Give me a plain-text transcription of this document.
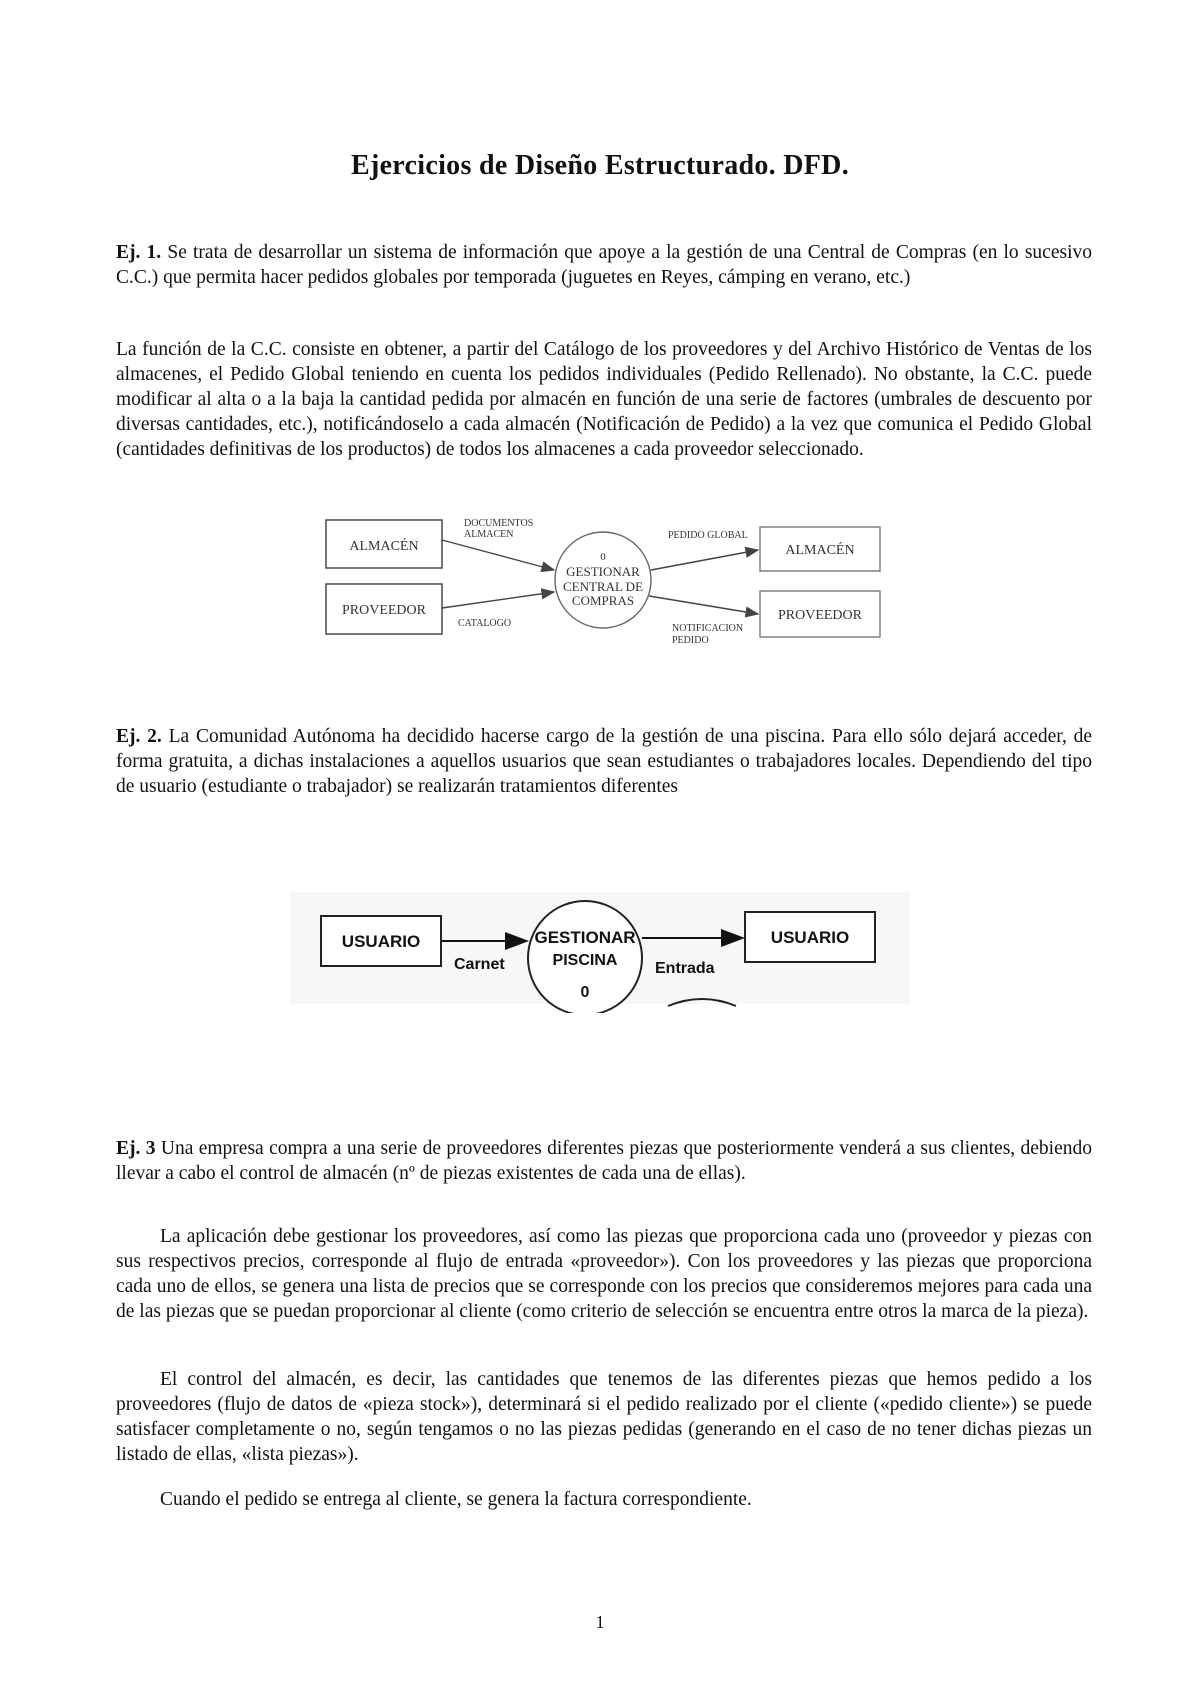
Ejercicios de Diseño Estructurado. DFD.

Ej. 1. Se trata de desarrollar un sistema de información que apoye a la gestión de una Central de Compras (en lo sucesivo C.C.) que permita hacer pedidos globales por temporada (juguetes en Reyes, cámping en verano, etc.)

La función de la C.C. consiste en obtener, a partir del Catálogo de los proveedores y del Archivo Histórico de Ventas de los almacenes, el Pedido Global teniendo en cuenta los pedidos individuales (Pedido Rellenado). No obstante, la C.C. puede modificar al alta o a la baja la cantidad pedida por almacén en función de una serie de factores (umbrales de descuento por diversas cantidades, etc.), notificándoselo a cada almacén (Notificación de Pedido) a la vez que comunica el Pedido Global (cantidades definitivas de los productos) de todos los almacenes a cada proveedor seleccionado.

ALMACÉN
PROVEEDOR
ALMACÉN
PROVEEDOR
0
GESTIONAR
CENTRAL DE
COMPRAS
DOCUMENTOS
ALMACEN
CATALOGO
PEDIDO GLOBAL
NOTIFICACION
PEDIDO

Ej. 2. La Comunidad Autónoma ha decidido hacerse cargo de la gestión de una piscina. Para ello sólo dejará acceder, de forma gratuita, a dichas instalaciones a aquellos usuarios que sean estudiantes o trabajadores locales. Dependiendo del tipo de usuario (estudiante o trabajador) se realizarán tratamientos diferentes

USUARIO	USUARIO
GESTIONAR
PISCINA
0
Carnet	Entrada

Ej. 3 Una empresa compra a una serie de proveedores diferentes piezas que posteriormente venderá a sus clientes, debiendo llevar a cabo el control de almacén (nº de piezas existentes de cada una de ellas).

La aplicación debe gestionar los proveedores, así como las piezas que proporciona cada uno (proveedor y piezas con sus respectivos precios, corresponde al flujo de entrada «proveedor»). Con los proveedores y las piezas que proporciona cada uno de ellos, se genera una lista de precios que se corresponde con los precios que consideremos mejores para cada una de las piezas que se puedan proporcionar al cliente (como criterio de selección se encuentra entre otros la marca de la pieza).

El control del almacén, es decir, las cantidades que tenemos de las diferentes piezas que hemos pedido a los proveedores (flujo de datos de «pieza stock»), determinará si el pedido realizado por el cliente («pedido cliente») se puede satisfacer completamente o no, según tengamos o no las piezas pedidas (generando en el caso de no tener dichas piezas un listado de ellas, «lista piezas»).

Cuando el pedido se entrega al cliente, se genera la factura correspondiente.

1
